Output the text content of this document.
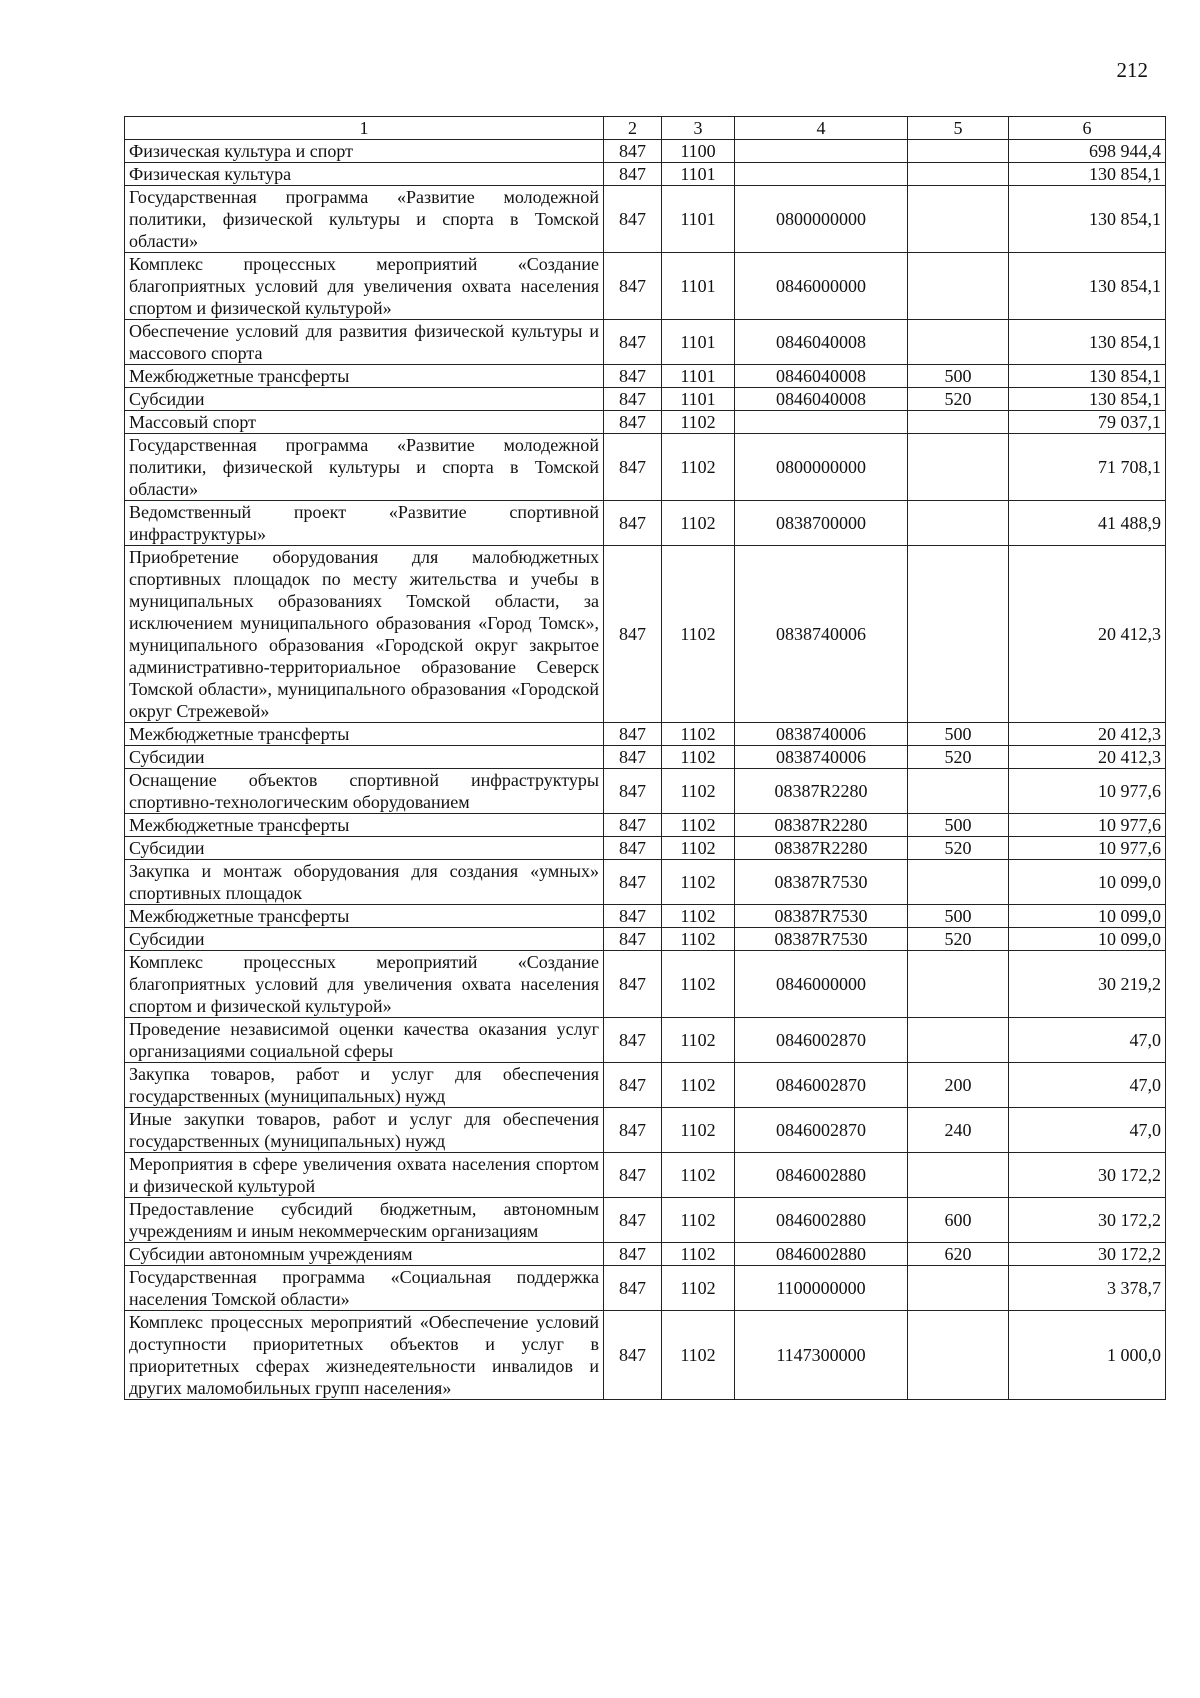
212
1	2	3	4	5	6
Физическая культура и спорт	847	1100			698 944,4
Физическая культура	847	1101			130 854,1
Государственная программа «Развитие молодежной политики, физической культуры и спорта в Томской области»	847	1101	0800000000		130 854,1
Комплекс процессных мероприятий «Создание благоприятных условий для увеличения охвата населения спортом и физической культурой»	847	1101	0846000000		130 854,1
Обеспечение условий для развития физической культуры и массового спорта	847	1101	0846040008		130 854,1
Межбюджетные трансферты	847	1101	0846040008	500	130 854,1
Субсидии	847	1101	0846040008	520	130 854,1
Массовый спорт	847	1102			79 037,1
Государственная программа «Развитие молодежной политики, физической культуры и спорта в Томской области»	847	1102	0800000000		71 708,1
Ведомственный проект «Развитие спортивной инфраструктуры»	847	1102	0838700000		41 488,9
Приобретение оборудования для малобюджетных спортивных площадок по месту жительства и учебы в муниципальных образованиях Томской области, за исключением муниципального образования «Город Томск», муниципального образования «Городской округ закрытое административно-территориальное образование Северск Томской области», муниципального образования «Городской округ Стрежевой»	847	1102	0838740006		20 412,3
Межбюджетные трансферты	847	1102	0838740006	500	20 412,3
Субсидии	847	1102	0838740006	520	20 412,3
Оснащение объектов спортивной инфраструктуры спортивно-технологическим оборудованием	847	1102	08387R2280		10 977,6
Межбюджетные трансферты	847	1102	08387R2280	500	10 977,6
Субсидии	847	1102	08387R2280	520	10 977,6
Закупка и монтаж оборудования для создания «умных» спортивных площадок	847	1102	08387R7530		10 099,0
Межбюджетные трансферты	847	1102	08387R7530	500	10 099,0
Субсидии	847	1102	08387R7530	520	10 099,0
Комплекс процессных мероприятий «Создание благоприятных условий для увеличения охвата населения спортом и физической культурой»	847	1102	0846000000		30 219,2
Проведение независимой оценки качества оказания услуг организациями социальной сферы	847	1102	0846002870		47,0
Закупка товаров, работ и услуг для обеспечения государственных (муниципальных) нужд	847	1102	0846002870	200	47,0
Иные закупки товаров, работ и услуг для обеспечения государственных (муниципальных) нужд	847	1102	0846002870	240	47,0
Мероприятия в сфере увеличения охвата населения спортом и физической культурой	847	1102	0846002880		30 172,2
Предоставление субсидий бюджетным, автономным учреждениям и иным некоммерческим организациям	847	1102	0846002880	600	30 172,2
Субсидии автономным учреждениям	847	1102	0846002880	620	30 172,2
Государственная программа «Социальная поддержка населения Томской области»	847	1102	1100000000		3 378,7
Комплекс процессных мероприятий «Обеспечение условий доступности приоритетных объектов и услуг в приоритетных сферах жизнедеятельности инвалидов и других маломобильных групп населения»	847	1102	1147300000		1 000,0
